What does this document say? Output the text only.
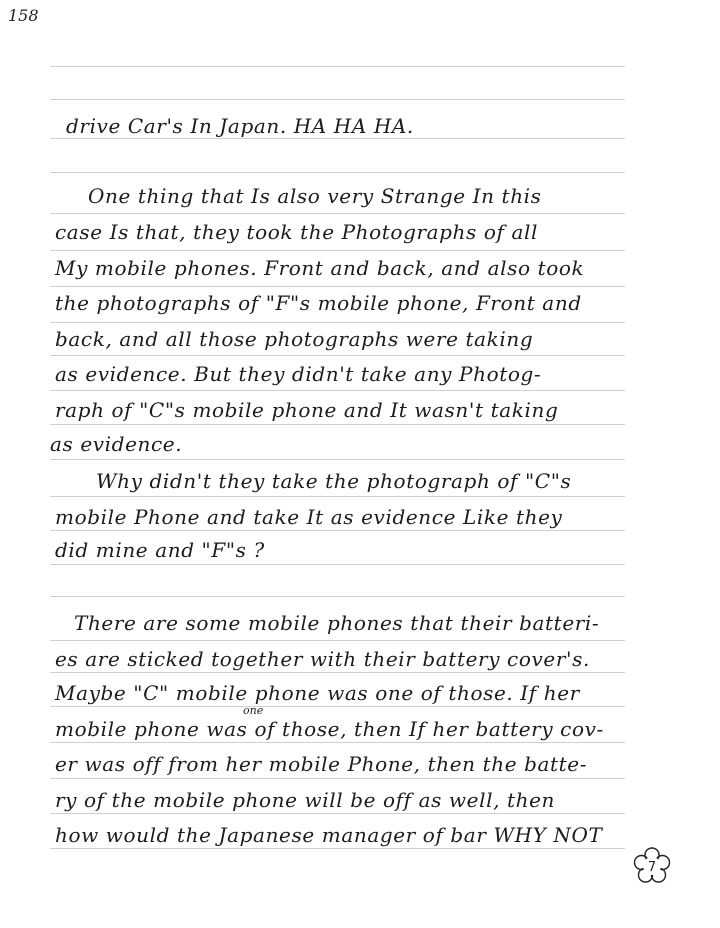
158
drive Car's In Japan. HA HA HA.
One thing that Is also very Strange In this
case Is that, they took the Photographs of all
My mobile phones. Front and back, and also took
the photographs of "F"s mobile phone, Front and
back, and all those photographs were taking
as evidence. But they didn't take any Photog-
raph of "C"s mobile phone and It wasn't taking
as evidence.
Why didn't they take the photograph of "C"s
mobile Phone and take It as evidence Like they
did mine and "F"s ?
There are some mobile phones that their batteri-
es are sticked together with their battery cover's.
Maybe "C" mobile phone was one of those. If her
mobile phone was of those, then If her battery cov-
er was off from her mobile Phone, then the batte-
ry of the mobile phone will be off as well, then
how would the Japanese manager of bar WHY NOT
one
7
